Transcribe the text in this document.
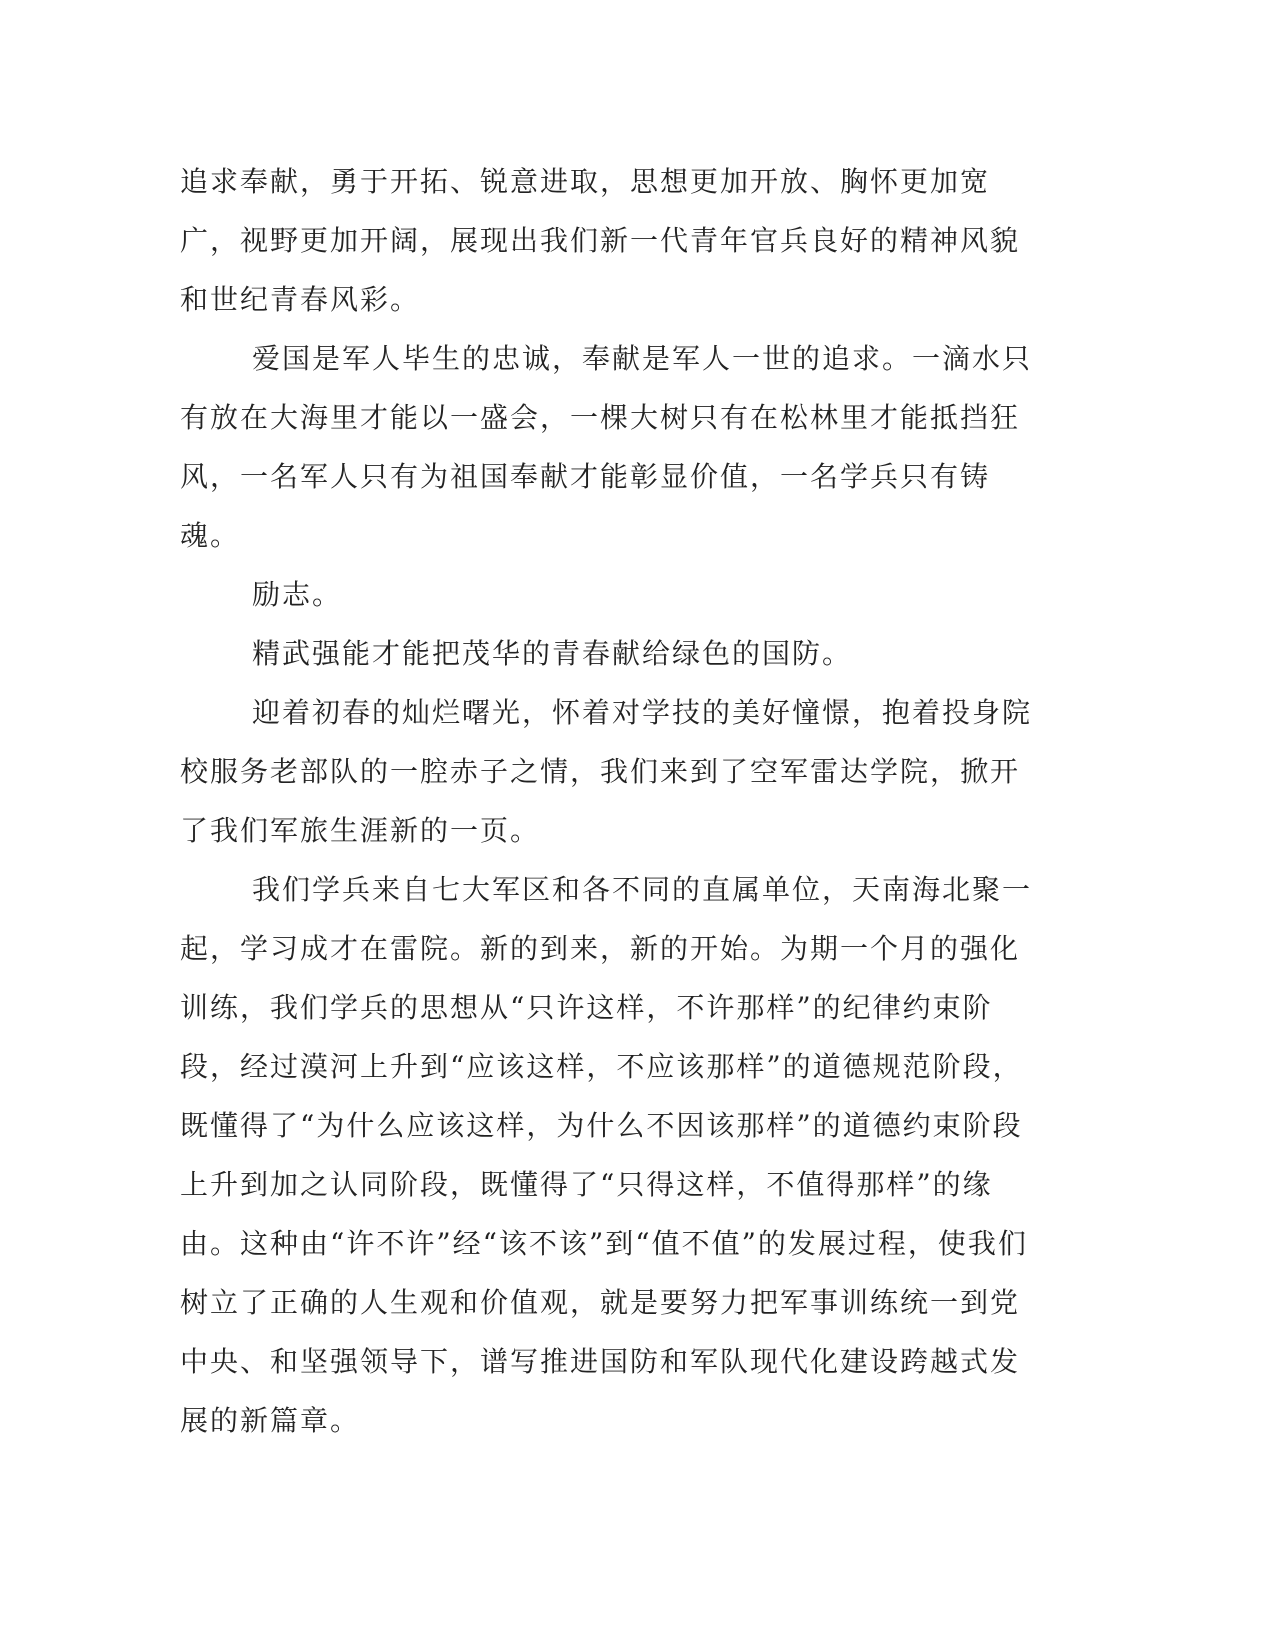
追求奉献，勇于开拓、锐意进取，思想更加开放、胸怀更加宽广，视野更加开阔，展现出我们新一代青年官兵良好的精神风貌和世纪青春风彩。

爱国是军人毕生的忠诚，奉献是军人一世的追求。一滴水只有放在大海里才能以一盛会，一棵大树只有在松林里才能抵挡狂风，一名军人只有为祖国奉献才能彰显价值，一名学兵只有铸魂。

励志。

精武强能才能把茂华的青春献给绿色的国防。

迎着初春的灿烂曙光，怀着对学技的美好憧憬，抱着投身院校服务老部队的一腔赤子之情，我们来到了空军雷达学院，掀开了我们军旅生涯新的一页。

我们学兵来自七大军区和各不同的直属单位，天南海北聚一起，学习成才在雷院。新的到来，新的开始。为期一个月的强化训练，我们学兵的思想从“只许这样，不许那样”的纪律约束阶段，经过漠河上升到“应该这样，不应该那样”的道德规范阶段，既懂得了“为什么应该这样，为什么不因该那样”的道德约束阶段上升到加之认同阶段，既懂得了“只得这样，不值得那样”的缘由。这种由“许不许”经“该不该”到“值不值”的发展过程，使我们树立了正确的人生观和价值观，就是要努力把军事训练统一到党中央、和坚强领导下，谱写推进国防和军队现代化建设跨越式发展的新篇章。
